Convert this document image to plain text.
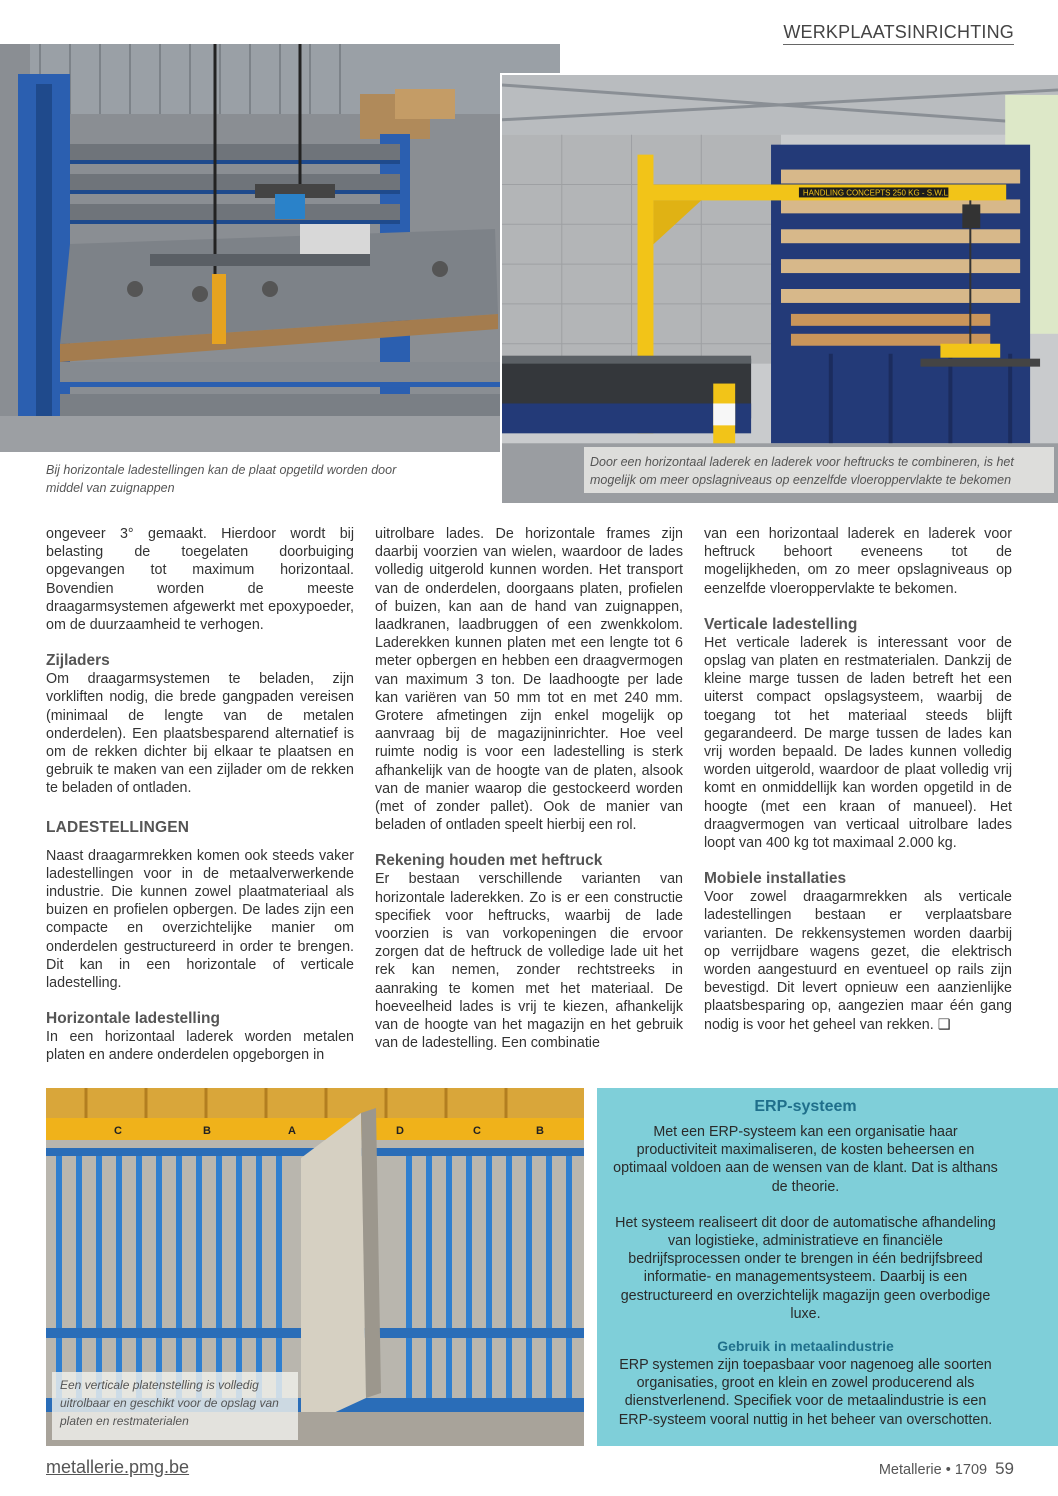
WERKPLAATSINRICHTING
HANDLING CONCEPTS 250 KG - S.W.L
Bij horizontale ladestellingen kan de plaat opgetild worden door middel van zuignappen
Door een horizontaal laderek en laderek voor heftrucks te combineren, is het mogelijk om meer opslagniveaus op eenzelfde vloeroppervlakte te bekomen

ongeveer 3° gemaakt. Hierdoor wordt bij belasting de toegelaten doorbuiging opgevangen tot maximum horizontaal. Bovendien worden de meeste draagarmsystemen afgewerkt met epoxypoeder, om de duurzaamheid te verhogen.

Zijladers

Om draagarmsystemen te beladen, zijn vorkliften nodig, die brede gangpaden vereisen (minimaal de lengte van de metalen onderdelen). Een plaatsbesparend alternatief is om de rekken dichter bij elkaar te plaatsen en gebruik te maken van een zijlader om de rekken te beladen of ontladen.

LADESTELLINGEN

Naast draagarmrekken komen ook steeds vaker ladestellingen voor in de metaalverwerkende industrie. Die kunnen zowel plaatmateriaal als buizen en profielen opbergen. De lades zijn een compacte en overzichtelijke manier om onderdelen gestructureerd in order te brengen. Dit kan in een horizontale of verticale ladestelling.

Horizontale ladestelling

In een horizontaal laderek worden metalen platen en andere onderdelen opgeborgen in

uitrolbare lades. De horizontale frames zijn daarbij voorzien van wielen, waardoor de lades volledig uitgerold kunnen worden. Het transport van de onderdelen, doorgaans platen, profielen of buizen, kan aan de hand van zuignappen, laadkranen, laadbruggen of een zwenkkolom. Laderekken kunnen platen met een lengte tot 6 meter opbergen en hebben een draagvermogen van maximum 3 ton. De laadhoogte per lade kan variëren van 50 mm tot en met 240 mm. Grotere afmetingen zijn enkel mogelijk op aanvraag bij de magazijninrichter. Hoe veel ruimte nodig is voor een ladestelling is sterk afhankelijk van de hoogte van de platen, alsook van de manier waarop die gestockeerd worden (met of zonder pallet). Ook de manier van beladen of ontladen speelt hierbij een rol.

Rekening houden met heftruck

Er bestaan verschillende varianten van horizontale laderekken. Zo is er een constructie specifiek voor heftrucks, waarbij de lade voorzien is van vorkopeningen die ervoor zorgen dat de heftruck de volledige lade uit het rek kan nemen, zonder rechtstreeks in aanraking te komen met het materiaal. De hoeveelheid lades is vrij te kiezen, afhankelijk van de hoogte van het magazijn en het gebruik van de ladestelling. Een combinatie

van een horizontaal laderek en laderek voor heftruck behoort eveneens tot de mogelijkheden, om zo meer opslagniveaus op eenzelfde vloeroppervlakte te bekomen.

Verticale ladestelling

Het verticale laderek is interessant voor de opslag van platen en restmaterialen. Dankzij de kleine marge tussen de laden betreft het een uiterst compact opslagsysteem, waarbij de toegang tot het materiaal steeds blijft gegarandeerd. De marge tussen de lades kan vrij worden bepaald. De lades kunnen volledig worden uitgerold, waardoor de plaat volledig vrij komt en onmiddellijk kan worden opgetild in de hoogte (met een kraan of manueel). Het draagvermogen van verticaal uitrolbare lades loopt van 400 kg tot maximaal 2.000 kg.

Mobiele installaties

Voor zowel draagarmrekken als verticale ladestellingen bestaan er verplaatsbare varianten. De rekkensystemen worden daarbij op verrijdbare wagens gezet, die elektrisch worden aangestuurd en eventueel op rails zijn bevestigd. Dit levert opnieuw een aanzienlijke plaatsbesparing op, aangezien maar één gang nodig is voor het geheel van rekken. ❑

C	B	A	D	C	B
Een verticale platenstelling is volledig uitrolbaar en geschikt voor de opslag van platen en restmaterialen
ERP-systeem

Met een ERP-systeem kan een organisatie haar productiviteit maximaliseren, de kosten beheersen en optimaal voldoen aan de wensen van de klant. Dat is althans de theorie.

Het systeem realiseert dit door de automatische afhandeling van logistieke, administratieve en financiële bedrijfsprocessen onder te brengen in één bedrijfsbreed informatie- en managementsysteem. Daarbij is een gestructureerd en overzichtelijk magazijn geen overbodige luxe.

Gebruik in metaalindustrie

ERP systemen zijn toepasbaar voor nagenoeg alle soorten organisaties, groot en klein en zowel producerend als dienstverlenend. Specifiek voor de metaalindustrie is een ERP-systeem vooral nuttig in het beheer van overschotten.

metallerie.pmg.be	Metallerie • 1709 59
